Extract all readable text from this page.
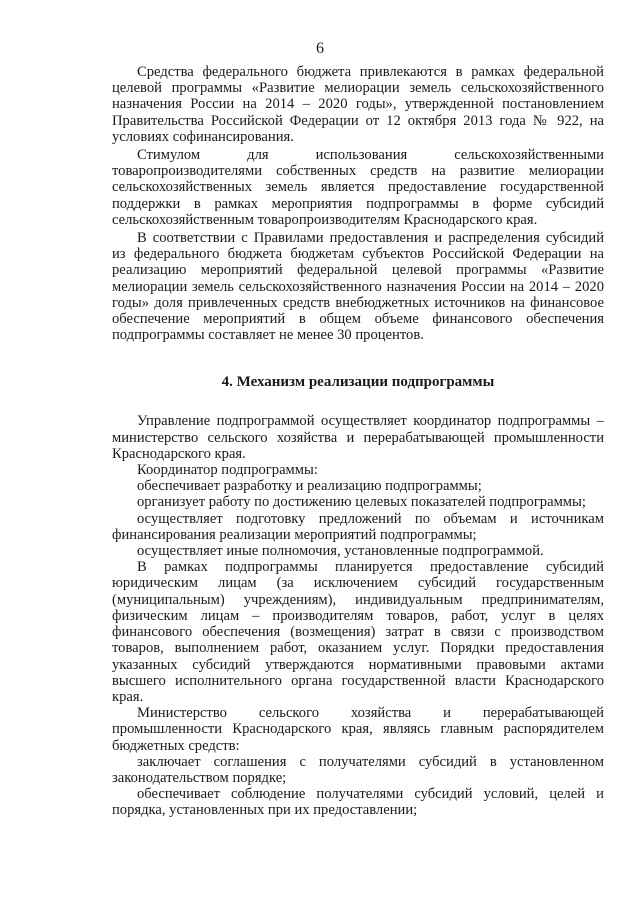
6

Средства федерального бюджета привлекаются в рамках федеральной целевой программы «Развитие мелиорации земель сельскохозяйственного назначения России на 2014 – 2020 годы», утвержденной постановлением Правительства Российской Федерации от 12 октября 2013 года № 922, на условиях софинансирования.

Стимулом для использования сельскохозяйственными товаропроизводителями собственных средств на развитие мелиорации сельскохозяйственных земель является предоставление государственной поддержки в рамках мероприятия подпрограммы в форме субсидий сельскохозяйственным товаропроизводителям Краснодарского края.

В соответствии с Правилами предоставления и распределения субсидий из федерального бюджета бюджетам субъектов Российской Федерации на реализацию мероприятий федеральной целевой программы «Развитие мелиорации земель сельскохозяйственного назначения России на 2014 – 2020 годы» доля привлеченных средств внебюджетных источников на финансовое обеспечение мероприятий в общем объеме финансового обеспечения подпрограммы составляет не менее 30 процентов.

4. Механизм реализации подпрограммы

Управление подпрограммой осуществляет координатор подпрограммы – министерство сельского хозяйства и перерабатывающей промышленности Краснодарского края.

Координатор подпрограммы:

обеспечивает разработку и реализацию подпрограммы;

организует работу по достижению целевых показателей подпрограммы;

осуществляет подготовку предложений по объемам и источникам финансирования реализации мероприятий подпрограммы;

осуществляет иные полномочия, установленные подпрограммой.

В рамках подпрограммы планируется предоставление субсидий юридическим лицам (за исключением субсидий государственным (муниципальным) учреждениям), индивидуальным предпринимателям, физическим лицам – производителям товаров, работ, услуг в целях финансового обеспечения (возмещения) затрат в связи с производством товаров, выполнением работ, оказанием услуг. Порядки предоставления указанных субсидий утверждаются нормативными правовыми актами высшего исполнительного органа государственной власти Краснодарского края.

Министерство сельского хозяйства и перерабатывающей промышленности Краснодарского края, являясь главным распорядителем бюджетных средств:

заключает соглашения с получателями субсидий в установленном законодательством порядке;

обеспечивает соблюдение получателями субсидий условий, целей и порядка, установленных при их предоставлении;
